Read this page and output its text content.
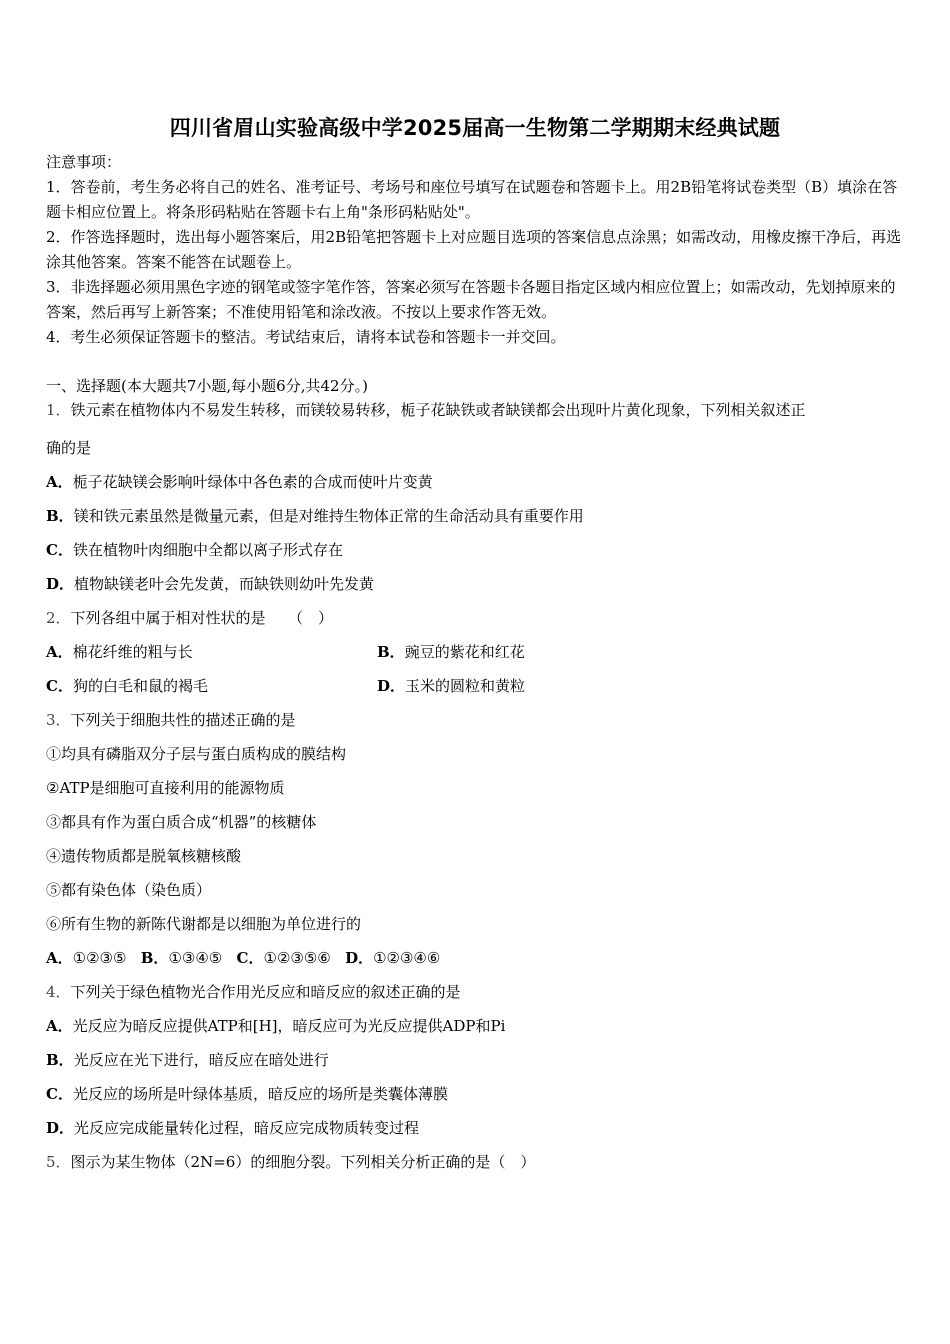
四川省眉山实验高级中学2025届高一生物第二学期期末经典试题

注意事项：

1．答卷前，考生务必将自己的姓名、准考证号、考场号和座位号填写在试题卷和答题卡上。用2B铅笔将试卷类型（B）填涂在答题卡相应位置上。将条形码粘贴在答题卡右上角"条形码粘贴处"。

2．作答选择题时，选出每小题答案后，用2B铅笔把答题卡上对应题目选项的答案信息点涂黑；如需改动，用橡皮擦干净后，再选涂其他答案。答案不能答在试题卷上。

3．非选择题必须用黑色字迹的钢笔或签字笔作答，答案必须写在答题卡各题目指定区域内相应位置上；如需改动，先划掉原来的答案，然后再写上新答案；不准使用铅笔和涂改液。不按以上要求作答无效。

4．考生必须保证答题卡的整洁。考试结束后，请将本试卷和答题卡一并交回。

一、选择题(本大题共7小题,每小题6分,共42分。)
1．铁元素在植物体内不易发生转移，而镁较易转移，栀子花缺铁或者缺镁都会出现叶片黄化现象，下列相关叙述正
确的是
A．栀子花缺镁会影响叶绿体中各色素的合成而使叶片变黄
B．镁和铁元素虽然是微量元素，但是对维持生物体正常的生命活动具有重要作用
C．铁在植物叶肉细胞中全都以离子形式存在
D．植物缺镁老叶会先发黄，而缺铁则幼叶先发黄
2．下列各组中属于相对性状的是　　（　）
A．棉花纤维的粗与长	B．豌豆的紫花和红花
C．狗的白毛和鼠的褐毛	D．玉米的圆粒和黄粒
3．下列关于细胞共性的描述正确的是
①均具有磷脂双分子层与蛋白质构成的膜结构
②ATP是细胞可直接利用的能源物质
③都具有作为蛋白质合成“机器”的核糖体
④遗传物质都是脱氧核糖核酸
⑤都有染色体（染色质）
⑥所有生物的新陈代谢都是以细胞为单位进行的
A．①②③⑤ B．①③④⑤ C．①②③⑤⑥ D．①②③④⑥
4．下列关于绿色植物光合作用光反应和暗反应的叙述正确的是
A．光反应为暗反应提供ATP和[H]，暗反应可为光反应提供ADP和Pi
B．光反应在光下进行，暗反应在暗处进行
C．光反应的场所是叶绿体基质，暗反应的场所是类囊体薄膜
D．光反应完成能量转化过程，暗反应完成物质转变过程
5．图示为某生物体（2N=6）的细胞分裂。下列相关分析正确的是（　）
